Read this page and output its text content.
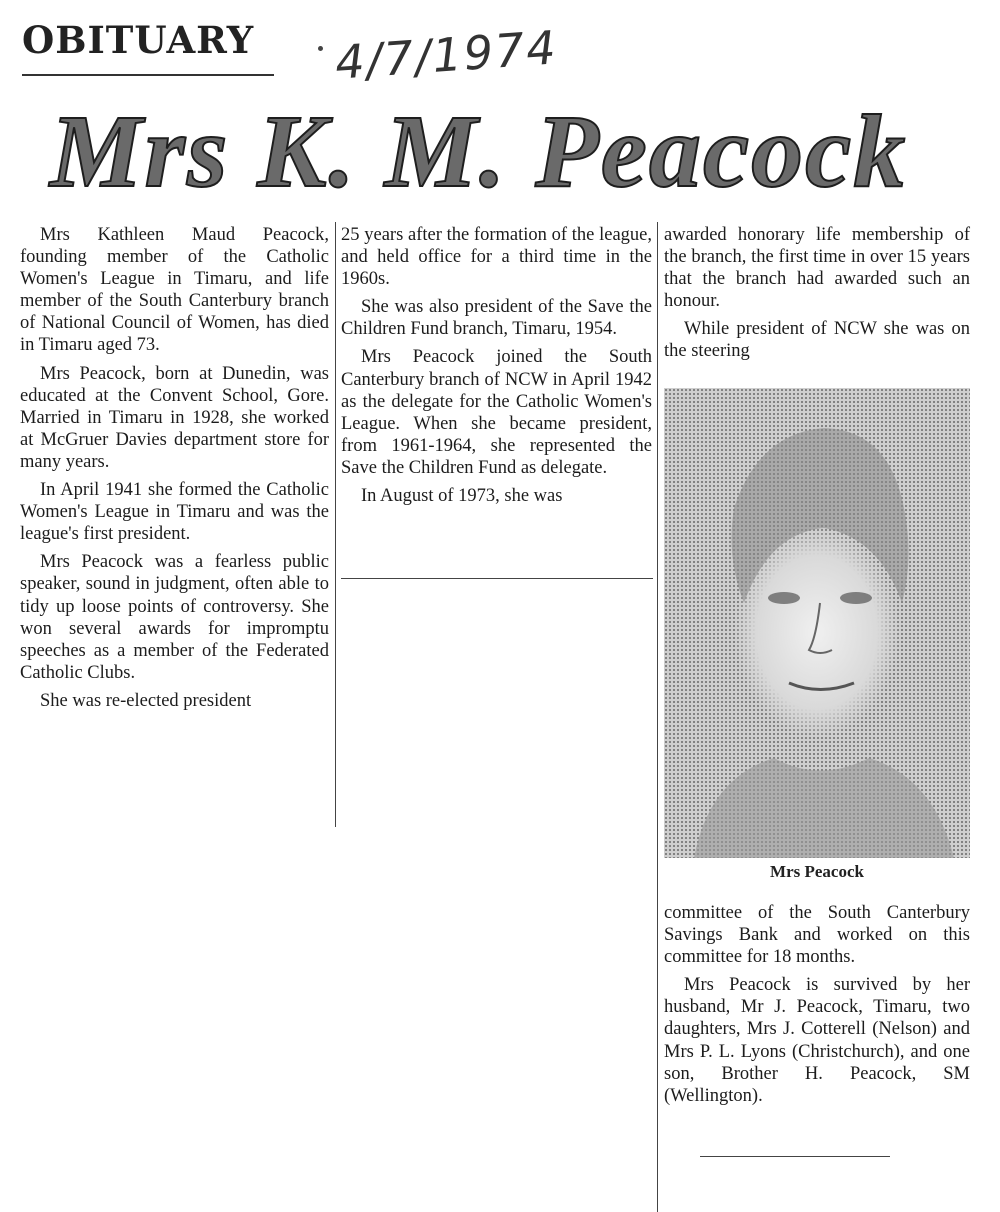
OBITUARY 4/7/1974
Mrs K. M. Peacock

Mrs Kathleen Maud Peacock, founding member of the Catholic Women's League in Timaru, and life member of the South Canterbury branch of National Council of Women, has died in Timaru aged 73.

Mrs Peacock, born at Dunedin, was educated at the Convent School, Gore. Married in Timaru in 1928, she worked at McGruer Davies department store for many years.

In April 1941 she formed the Catholic Women's League in Timaru and was the league's first president.

Mrs Peacock was a fearless public speaker, sound in judgment, often able to tidy up loose points of controversy. She won several awards for impromptu speeches as a member of the Federated Catholic Clubs.

She was re-elected president

25 years after the formation of the league, and held office for a third time in the 1960s.

She was also president of the Save the Children Fund branch, Timaru, 1954.

Mrs Peacock joined the South Canterbury branch of NCW in April 1942 as the delegate for the Catholic Women's League. When she became president, from 1961-1964, she represented the Save the Children Fund as delegate.

In August of 1973, she was

awarded honorary life membership of the branch, the first time in over 15 years that the branch had awarded such an honour.

While president of NCW she was on the steering

Mrs Peacock

committee of the South Canterbury Savings Bank and worked on this committee for 18 months.

Mrs Peacock is survived by her husband, Mr J. Peacock, Timaru, two daughters, Mrs J. Cotterell (Nelson) and Mrs P. L. Lyons (Christchurch), and one son, Brother H. Peacock, SM (Wellington).
